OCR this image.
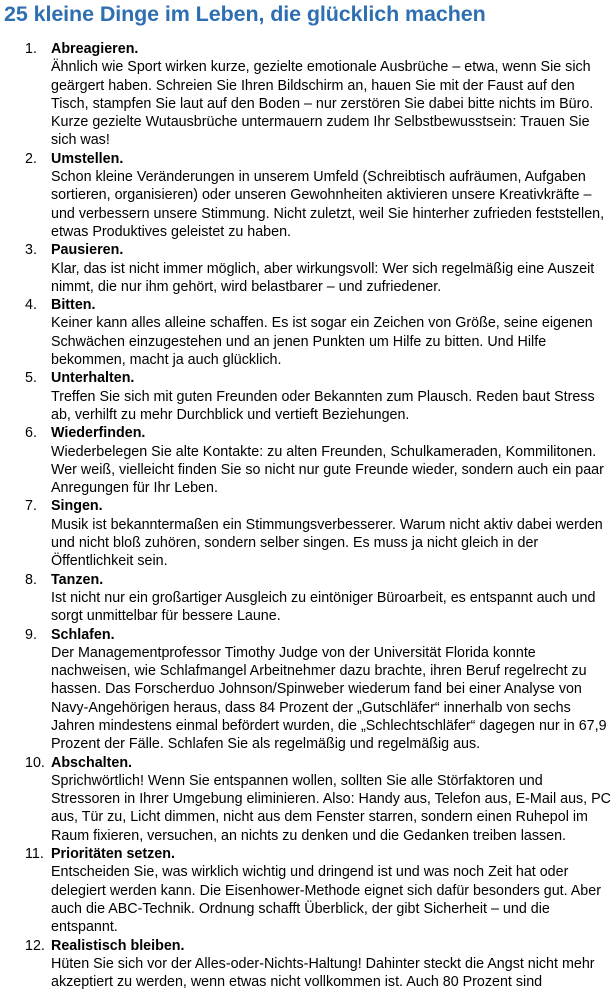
25 kleine Dinge im Leben, die glücklich machen
1. Abreagieren.
Ähnlich wie Sport wirken kurze, gezielte emotionale Ausbrüche – etwa, wenn Sie sich geärgert haben. Schreien Sie Ihren Bildschirm an, hauen Sie mit der Faust auf den Tisch, stampfen Sie laut auf den Boden – nur zerstören Sie dabei bitte nichts im Büro. Kurze gezielte Wutausbrüche untermauern zudem Ihr Selbstbewusstsein: Trauen Sie sich was!
2. Umstellen.
Schon kleine Veränderungen in unserem Umfeld (Schreibtisch aufräumen, Aufgaben sortieren, organisieren) oder unseren Gewohnheiten aktivieren unsere Kreativkräfte – und verbessern unsere Stimmung. Nicht zuletzt, weil Sie hinterher zufrieden feststellen, etwas Produktives geleistet zu haben.
3. Pausieren.
Klar, das ist nicht immer möglich, aber wirkungsvoll: Wer sich regelmäßig eine Auszeit nimmt, die nur ihm gehört, wird belastbarer – und zufriedener.
4. Bitten.
Keiner kann alles alleine schaffen. Es ist sogar ein Zeichen von Größe, seine eigenen Schwächen einzugestehen und an jenen Punkten um Hilfe zu bitten. Und Hilfe bekommen, macht ja auch glücklich.
5. Unterhalten.
Treffen Sie sich mit guten Freunden oder Bekannten zum Plausch. Reden baut Stress ab, verhilft zu mehr Durchblick und vertieft Beziehungen.
6. Wiederfinden.
Wiederbelegen Sie alte Kontakte: zu alten Freunden, Schulkameraden, Kommilitonen. Wer weiß, vielleicht finden Sie so nicht nur gute Freunde wieder, sondern auch ein paar Anregungen für Ihr Leben.
7. Singen.
Musik ist bekanntermaßen ein Stimmungsverbesserer. Warum nicht aktiv dabei werden und nicht bloß zuhören, sondern selber singen. Es muss ja nicht gleich in der Öffentlichkeit sein.
8. Tanzen.
Ist nicht nur ein großartiger Ausgleich zu eintöniger Büroarbeit, es entspannt auch und sorgt unmittelbar für bessere Laune.
9. Schlafen.
Der Managementprofessor Timothy Judge von der Universität Florida konnte nachweisen, wie Schlafmangel Arbeitnehmer dazu brachte, ihren Beruf regelrecht zu hassen. Das Forscherduo Johnson/Spinweber wiederum fand bei einer Analyse von Navy-Angehörigen heraus, dass 84 Prozent der „Gutschläfer“ innerhalb von sechs Jahren mindestens einmal befördert wurden, die „Schlechtschläfer“ dagegen nur in 67,9 Prozent der Fälle. Schlafen Sie als regelmäßig und regelmäßig aus.
10. Abschalten.
Sprichwörtlich! Wenn Sie entspannen wollen, sollten Sie alle Störfaktoren und Stressoren in Ihrer Umgebung eliminieren. Also: Handy aus, Telefon aus, E-Mail aus, PC aus, Tür zu, Licht dimmen, nicht aus dem Fenster starren, sondern einen Ruhepol im Raum fixieren, versuchen, an nichts zu denken und die Gedanken treiben lassen.
11. Prioritäten setzen.
Entscheiden Sie, was wirklich wichtig und dringend ist und was noch Zeit hat oder delegiert werden kann. Die Eisenhower-Methode eignet sich dafür besonders gut. Aber auch die ABC-Technik. Ordnung schafft Überblick, der gibt Sicherheit – und die entspannt.
12. Realistisch bleiben.
Hüten Sie sich vor der Alles-oder-Nichts-Haltung! Dahinter steckt die Angst nicht mehr akzeptiert zu werden, wenn etwas nicht vollkommen ist. Auch 80 Prozent sind
